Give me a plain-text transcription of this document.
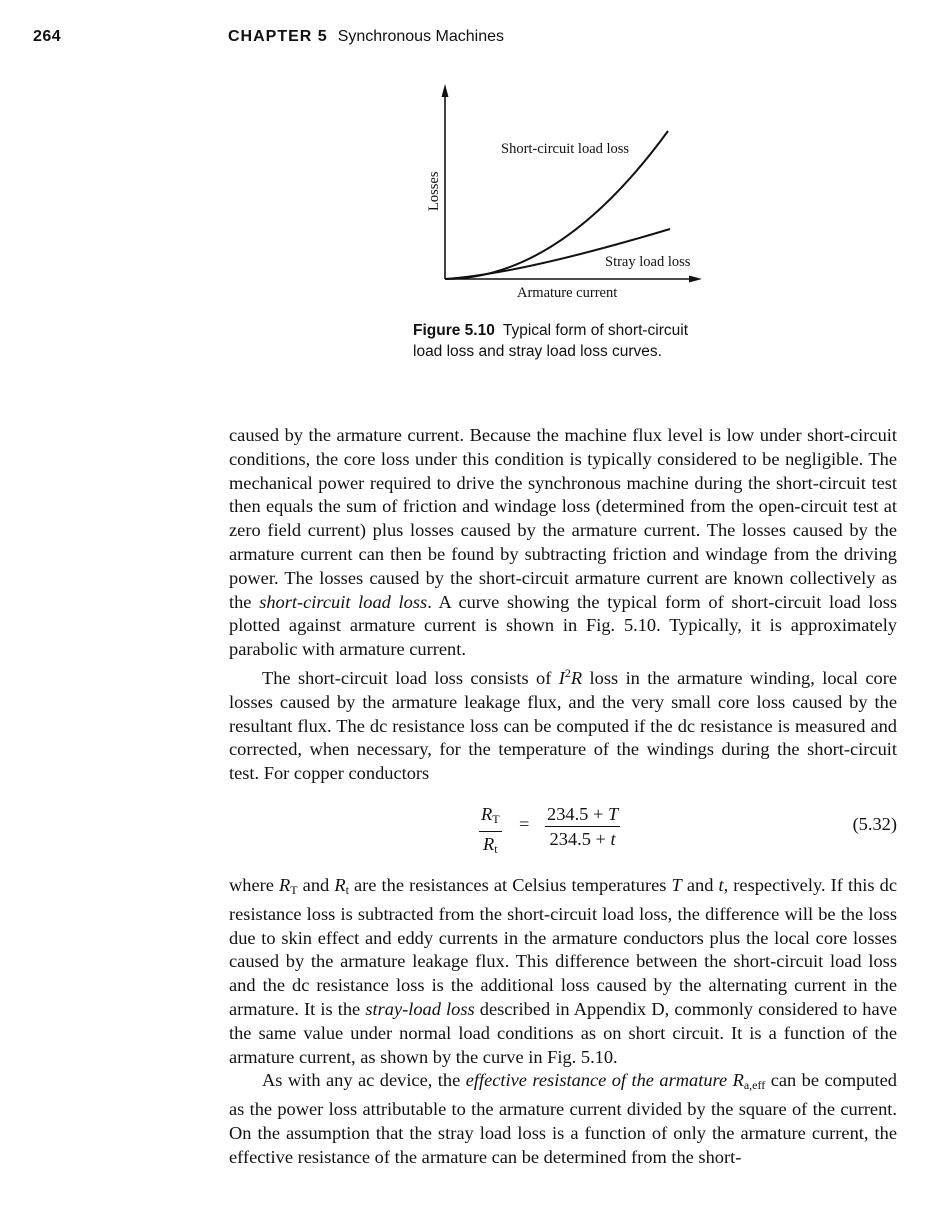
264	CHAPTER 5 Synchronous Machines
Short-circuit load loss
Stray load loss
Armature current
Losses
Figure 5.10 Typical form of short-circuit load loss and stray load loss curves.

caused by the armature current. Because the machine flux level is low under short-circuit conditions, the core loss under this condition is typically considered to be negligible. The mechanical power required to drive the synchronous machine during the short-circuit test then equals the sum of friction and windage loss (determined from the open-circuit test at zero field current) plus losses caused by the armature current. The losses caused by the armature current can then be found by subtracting friction and windage from the driving power. The losses caused by the short-circuit armature current are known collectively as the short-circuit load loss. A curve showing the typical form of short-circuit load loss plotted against armature current is shown in Fig. 5.10. Typically, it is approximately parabolic with armature current.

The short-circuit load loss consists of $I^2R$ loss in the armature winding, local core losses caused by the armature leakage flux, and the very small core loss caused by the resultant flux. The dc resistance loss can be computed if the dc resistance is measured and corrected, when necessary, for the temperature of the windings during the short-circuit test. For copper conductors

$\frac{R_T}{R_t} = \frac{234.5 + T}{234.5 + t}$	(5.32)

where $R_T$ and $R_t$ are the resistances at Celsius temperatures T and t, respectively. If this dc resistance loss is subtracted from the short-circuit load loss, the difference will be the loss due to skin effect and eddy currents in the armature conductors plus the local core losses caused by the armature leakage flux. This difference between the short-circuit load loss and the dc resistance loss is the additional loss caused by the alternating current in the armature. It is the stray-load loss described in Appendix D, commonly considered to have the same value under normal load conditions as on short circuit. It is a function of the armature current, as shown by the curve in Fig. 5.10.

As with any ac device, the effective resistance of the armature $R_{a,eff}$ can be computed as the power loss attributable to the armature current divided by the square of the current. On the assumption that the stray load loss is a function of only the armature current, the effective resistance of the armature can be determined from the short-
